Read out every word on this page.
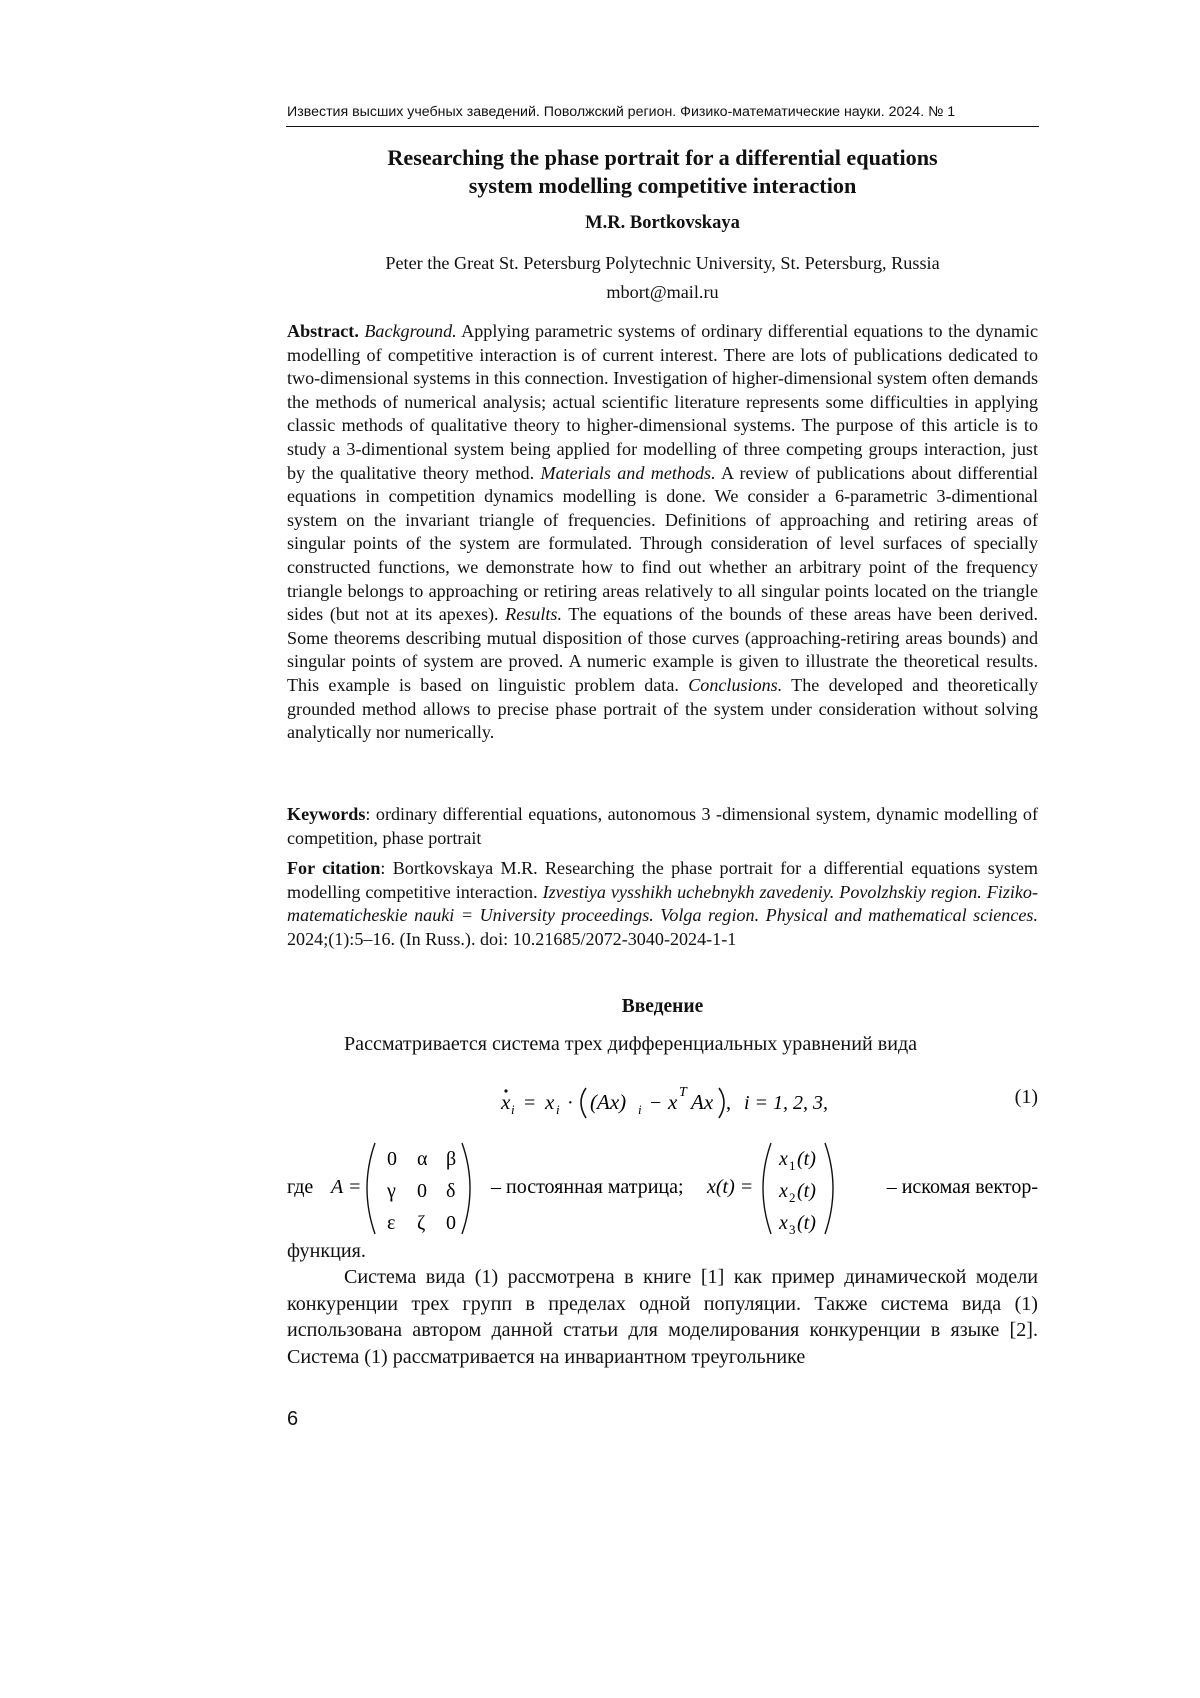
Известия высших учебных заведений. Поволжский регион. Физико-математические науки. 2024. № 1
Researching the phase portrait for a differential equations
system modelling competitive interaction
M.R. Bortkovskaya
Peter the Great St. Petersburg Polytechnic University, St. Petersburg, Russia
mbort@mail.ru

Abstract. Background. Applying parametric systems of ordinary differential equations to the dynamic modelling of competitive interaction is of current interest. There are lots of publications dedicated to two-dimensional systems in this connection. Investigation of higher-dimensional system often demands the methods of numerical analysis; actual scientific literature represents some difficulties in applying classic methods of qualitative theory to higher-dimensional systems. The purpose of this article is to study a 3-dimentional system being applied for modelling of three competing groups interaction, just by the qualitative theory method. Materials and methods. A review of publications about differential equations in competition dynamics modelling is done. We consider a 6-parametric 3-dimentional system on the invariant triangle of frequencies. Definitions of approaching and retiring areas of singular points of the system are formulated. Through consideration of level surfaces of specially constructed functions, we demonstrate how to find out whether an arbitrary point of the frequency triangle belongs to approaching or retiring areas relatively to all singular points located on the triangle sides (but not at its apexes). Results. The equations of the bounds of these areas have been derived. Some theorems describing mutual disposition of those curves (approaching-retiring areas bounds) and singular points of system are proved. A numeric example is given to illustrate the theoretical results. This example is based on linguistic problem data. Conclusions. The developed and theoretically grounded method allows to precise phase portrait of the system under consideration without solving analytically nor numerically.

Keywords: ordinary differential equations, autonomous 3 -dimensional system, dynamic modelling of competition, phase portrait

For citation: Bortkovskaya M.R. Researching the phase portrait for a differential equations system modelling competitive interaction. Izvestiya vysshikh uchebnykh zavedeniy. Povolzhskiy region. Fiziko-matematicheskie nauki = University proceedings. Volga region. Physical and mathematical sciences. 2024;(1):5–16. (In Russ.). doi: 10.21685/2072-3040-2024-1-1

Введение
Рассматривается система трех дифференциальных уравнений вида
x i = x i · (Ax) i − x T Ax , i = 1, 2, 3,	(1)
где A =
0 α β
γ 0 δ
ε ζ 0
– постоянная матрица; x(t) =
x 1 (t)
x 2 (t)
x 3 (t)
– искомая вектор-

функция.

Система вида (1) рассмотрена в книге [1] как пример динамической модели конкуренции трех групп в пределах одной популяции. Также система вида (1) использована автором данной статьи для моделирования конкуренции в языке [2]. Система (1) рассматривается на инвариантном треугольнике

6
